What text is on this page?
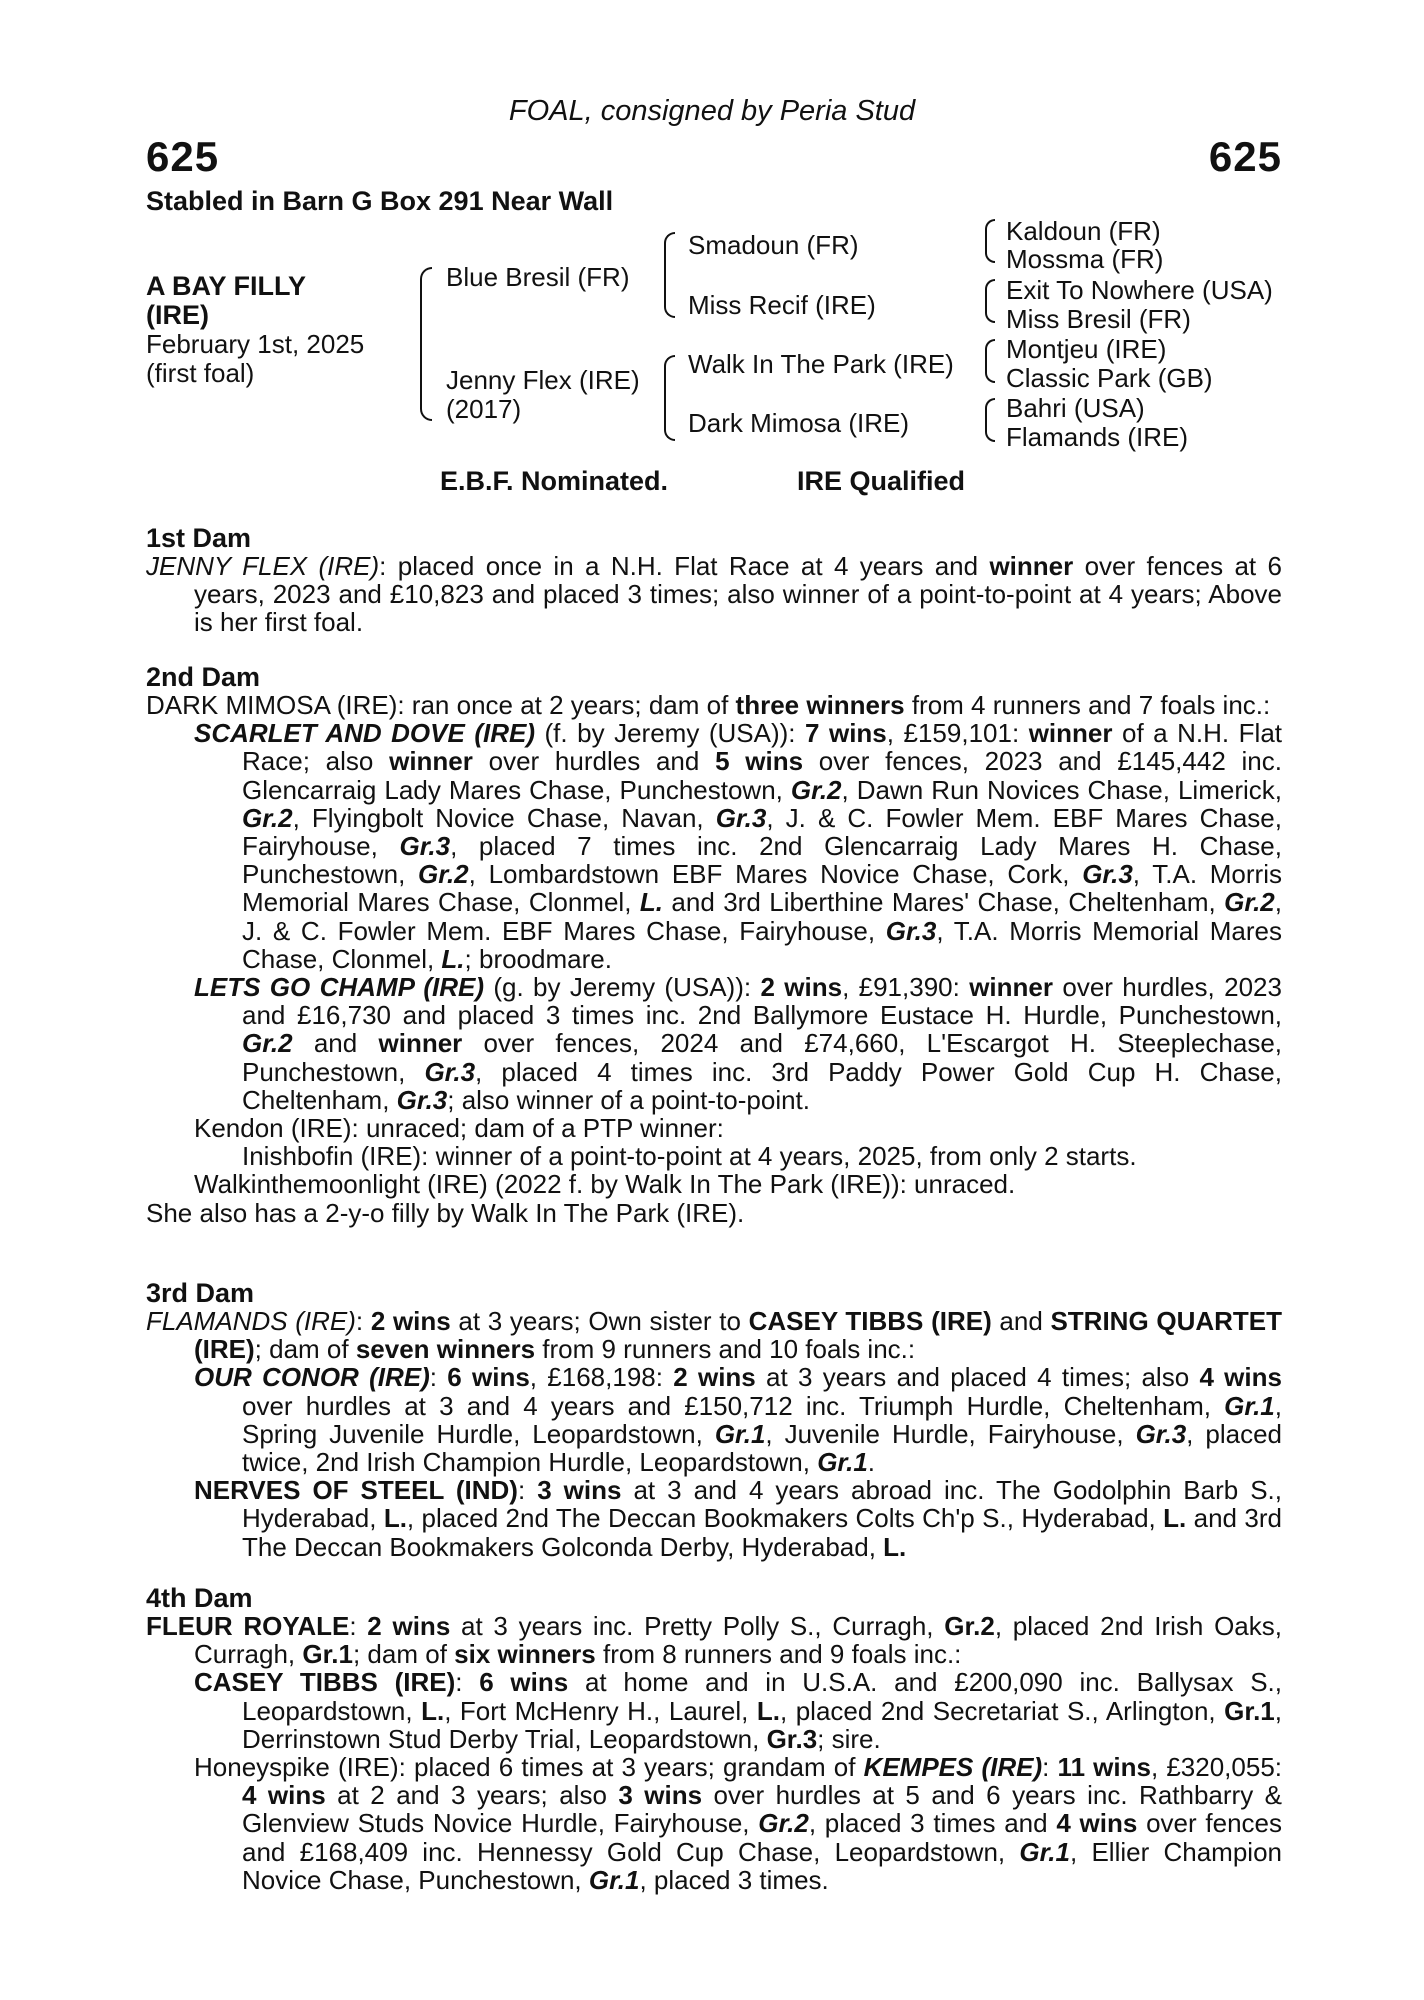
FOAL, consigned by Peria Stud
625	625
Stabled in Barn G Box 291 Near Wall
A BAY FILLY
(IRE)
February 1st, 2025
(first foal)
Blue Bresil (FR)
Jenny Flex (IRE)
(2017)
Smadoun (FR)
Miss Recif (IRE)
Walk In The Park (IRE)
Dark Mimosa (IRE)
Kaldoun (FR)
Mossma (FR)
Exit To Nowhere (USA)
Miss Bresil (FR)
Montjeu (IRE)
Classic Park (GB)
Bahri (USA)
Flamands (IRE)
E.B.F. Nominated.	IRE Qualified
1st Dam
JENNY FLEX (IRE): placed once in a N.H. Flat Race at 4 years and winner over fences at 6 years, 2023 and £10,823 and placed 3 times; also winner of a point-to-point at 4 years; Above is her first foal.
2nd Dam
DARK MIMOSA (IRE): ran once at 2 years; dam of three winners from 4 runners and 7 foals inc.:
SCARLET AND DOVE (IRE) (f. by Jeremy (USA)): 7 wins, £159,101: winner of a N.H. Flat Race; also winner over hurdles and 5 wins over fences, 2023 and £145,442 inc. Glencarraig Lady Mares Chase, Punchestown, Gr.2, Dawn Run Novices Chase, Limerick, Gr.2, Flyingbolt Novice Chase, Navan, Gr.3, J. & C. Fowler Mem. EBF Mares Chase, Fairyhouse, Gr.3, placed 7 times inc. 2nd Glencarraig Lady Mares H. Chase, Punchestown, Gr.2, Lombardstown EBF Mares Novice Chase, Cork, Gr.3, T.A. Morris Memorial Mares Chase, Clonmel, L. and 3rd Liberthine Mares' Chase, Cheltenham, Gr.2, J. & C. Fowler Mem. EBF Mares Chase, Fairyhouse, Gr.3, T.A. Morris Memorial Mares Chase, Clonmel, L.; broodmare.
LETS GO CHAMP (IRE) (g. by Jeremy (USA)): 2 wins, £91,390: winner over hurdles, 2023 and £16,730 and placed 3 times inc. 2nd Ballymore Eustace H. Hurdle, Punchestown, Gr.2 and winner over fences, 2024 and £74,660, L'Escargot H. Steeplechase, Punchestown, Gr.3, placed 4 times inc. 3rd Paddy Power Gold Cup H. Chase, Cheltenham, Gr.3; also winner of a point-to-point.
Kendon (IRE): unraced; dam of a PTP winner:
Inishbofin (IRE): winner of a point-to-point at 4 years, 2025, from only 2 starts.
Walkinthemoonlight (IRE) (2022 f. by Walk In The Park (IRE)): unraced.
She also has a 2-y-o filly by Walk In The Park (IRE).
3rd Dam
FLAMANDS (IRE): 2 wins at 3 years; Own sister to CASEY TIBBS (IRE) and STRING QUARTET (IRE); dam of seven winners from 9 runners and 10 foals inc.:
OUR CONOR (IRE): 6 wins, £168,198: 2 wins at 3 years and placed 4 times; also 4 wins over hurdles at 3 and 4 years and £150,712 inc. Triumph Hurdle, Cheltenham, Gr.1, Spring Juvenile Hurdle, Leopardstown, Gr.1, Juvenile Hurdle, Fairyhouse, Gr.3, placed twice, 2nd Irish Champion Hurdle, Leopardstown, Gr.1.
NERVES OF STEEL (IND): 3 wins at 3 and 4 years abroad inc. The Godolphin Barb S., Hyderabad, L., placed 2nd The Deccan Bookmakers Colts Ch'p S., Hyderabad, L. and 3rd The Deccan Bookmakers Golconda Derby, Hyderabad, L.
4th Dam
FLEUR ROYALE: 2 wins at 3 years inc. Pretty Polly S., Curragh, Gr.2, placed 2nd Irish Oaks, Curragh, Gr.1; dam of six winners from 8 runners and 9 foals inc.:
CASEY TIBBS (IRE): 6 wins at home and in U.S.A. and £200,090 inc. Ballysax S., Leopardstown, L., Fort McHenry H., Laurel, L., placed 2nd Secretariat S., Arlington, Gr.1, Derrinstown Stud Derby Trial, Leopardstown, Gr.3; sire.
Honeyspike (IRE): placed 6 times at 3 years; grandam of KEMPES (IRE): 11 wins, £320,055: 4 wins at 2 and 3 years; also 3 wins over hurdles at 5 and 6 years inc. Rathbarry & Glenview Studs Novice Hurdle, Fairyhouse, Gr.2, placed 3 times and 4 wins over fences and £168,409 inc. Hennessy Gold Cup Chase, Leopardstown, Gr.1, Ellier Champion Novice Chase, Punchestown, Gr.1, placed 3 times.
